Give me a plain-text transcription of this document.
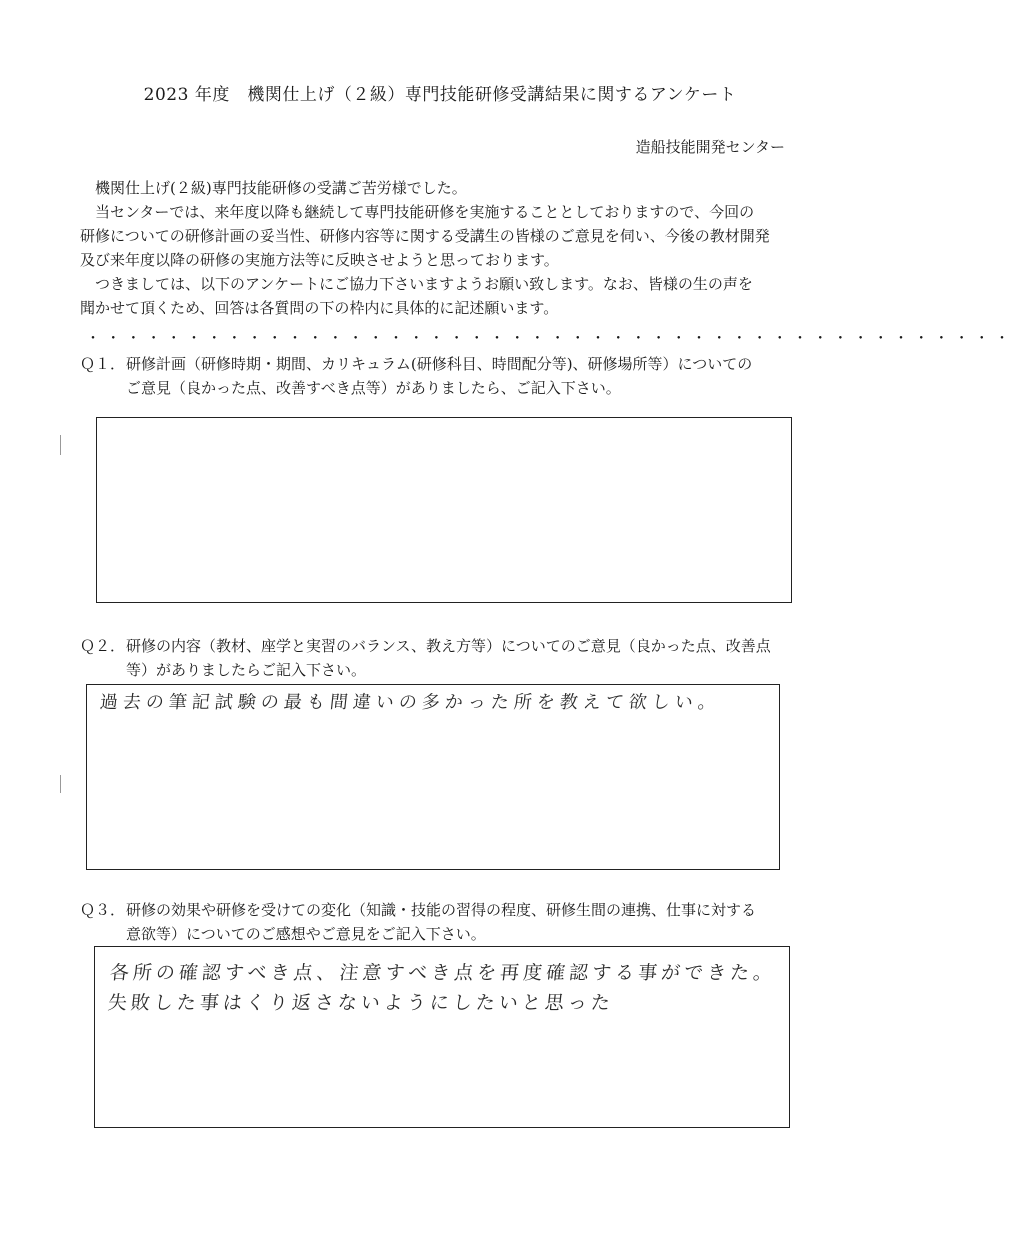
2023 年度　機関仕上げ（２級）専門技能研修受講結果に関するアンケート
造船技能開発センター

機関仕上げ(２級)専門技能研修の受講ご苦労様でした。

当センターでは、来年度以降も継続して専門技能研修を実施することとしておりますので、今回の

研修についての研修計画の妥当性、研修内容等に関する受講生の皆様のご意見を伺い、今後の教材開発

及び来年度以降の研修の実施方法等に反映させようと思っております。

つきましては、以下のアンケートにご協力下さいますようお願い致します。なお、皆様の生の声を

聞かせて頂くため、回答は各質問の下の枠内に具体的に記述願います。

・・・・・・・・・・・・・・・・・・・・・・・・・・・・・・・・・・・・・・・・・・・・・・
Ｑ１．研修計画（研修時期・期間、カリキュラム(研修科目、時間配分等)、研修場所等）についての
ご意見（良かった点、改善すべき点等）がありましたら、ご記入下さい。
Ｑ２．研修の内容（教材、座学と実習のバランス、教え方等）についてのご意見（良かった点、改善点
等）がありましたらご記入下さい。
過去の筆記試験の最も間違いの多かった所を教えて欲しい。
Ｑ３．研修の効果や研修を受けての変化（知識・技能の習得の程度、研修生間の連携、仕事に対する
意欲等）についてのご感想やご意見をご記入下さい。
各所の確認すべき点、注意すべき点を再度確認する事ができた。
失敗した事はくり返さないようにしたいと思った
